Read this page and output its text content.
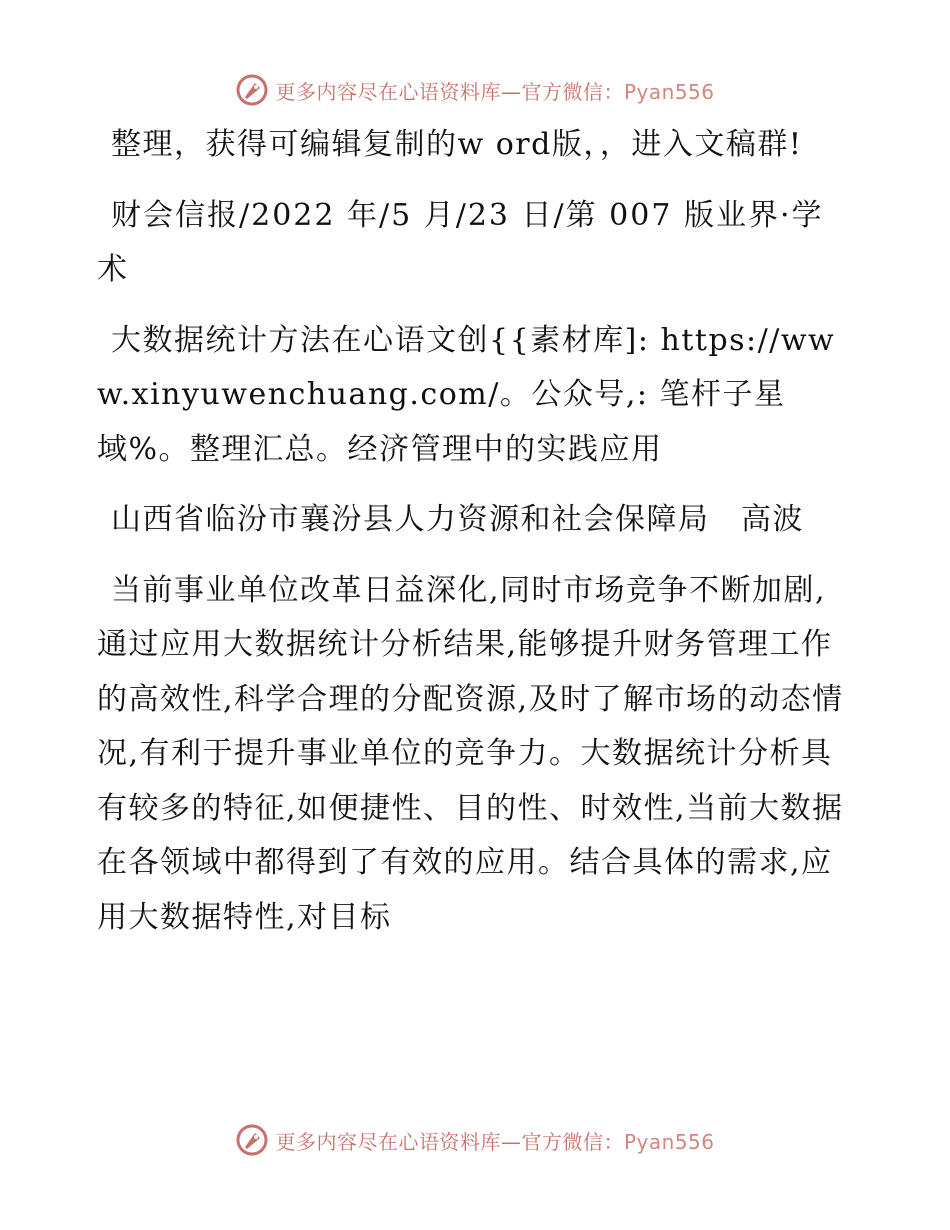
更多内容尽在心语资料库—官方微信：Pyan556

整理，获得可编辑复制的w ord版，，进入文稿群!

财会信报/2022 年/5 月/23 日/第 007 版业界·学术

大数据统计方法在心语文创{{素材库]: https://www.xinyuwenchuang.com/。公众号,: 笔杆子星域%。整理汇总。经济管理中的实践应用

山西省临汾市襄汾县人力资源和社会保障局　高波

当前事业单位改革日益深化,同时市场竞争不断加剧,通过应用大数据统计分析结果,能够提升财务管理工作的高效性,科学合理的分配资源,及时了解市场的动态情况,有利于提升事业单位的竞争力。大数据统计分析具有较多的特征,如便捷性、目的性、时效性,当前大数据在各领域中都得到了有效的应用。结合具体的需求,应用大数据特性,对目标

更多内容尽在心语资料库—官方微信：Pyan556
